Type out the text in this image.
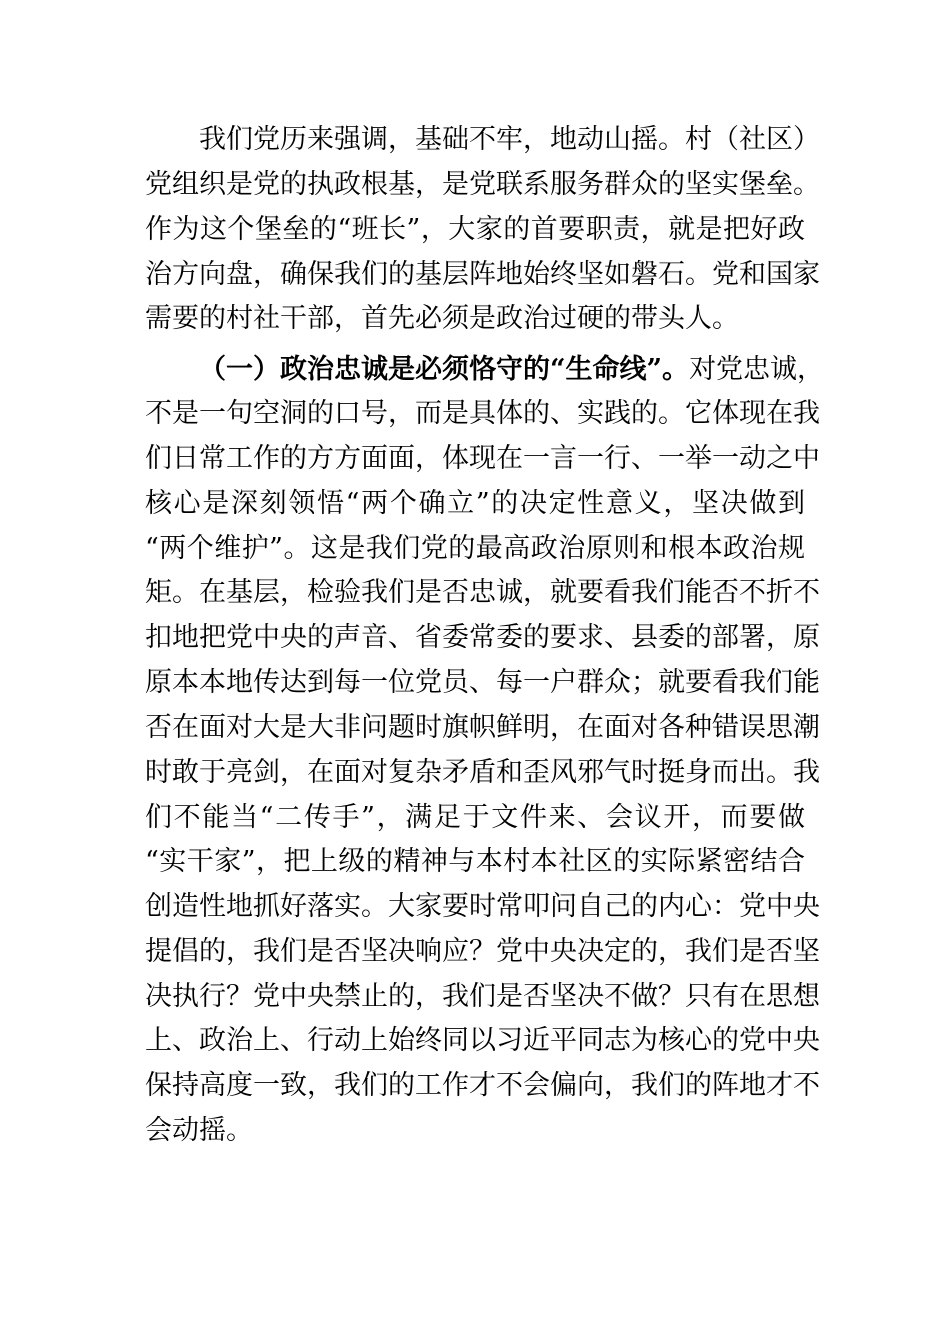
我们党历来强调，基础不牢，地动山摇。村（社区）
党组织是党的执政根基，是党联系服务群众的坚实堡垒。
作为这个堡垒的“班长”，大家的首要职责，就是把好政
治方向盘，确保我们的基层阵地始终坚如磐石。党和国家
需要的村社干部，首先必须是政治过硬的带头人。
（一）政治忠诚是必须恪守的“生命线”。对党忠诚，
不是一句空洞的口号，而是具体的、实践的。它体现在我
们日常工作的方方面面，体现在一言一行、一举一动之中
核心是深刻领悟“两个确立”的决定性意义，坚决做到
“两个维护”。这是我们党的最高政治原则和根本政治规
矩。在基层，检验我们是否忠诚，就要看我们能否不折不
扣地把党中央的声音、省委常委的要求、县委的部署，原
原本本地传达到每一位党员、每一户群众；就要看我们能
否在面对大是大非问题时旗帜鲜明，在面对各种错误思潮
时敢于亮剑，在面对复杂矛盾和歪风邪气时挺身而出。我
们不能当“二传手”，满足于文件来、会议开，而要做
“实干家”，把上级的精神与本村本社区的实际紧密结合
创造性地抓好落实。大家要时常叩问自己的内心：党中央
提倡的，我们是否坚决响应？党中央决定的，我们是否坚
决执行？党中央禁止的，我们是否坚决不做？只有在思想
上、政治上、行动上始终同以习近平同志为核心的党中央
保持高度一致，我们的工作才不会偏向，我们的阵地才不
会动摇。
